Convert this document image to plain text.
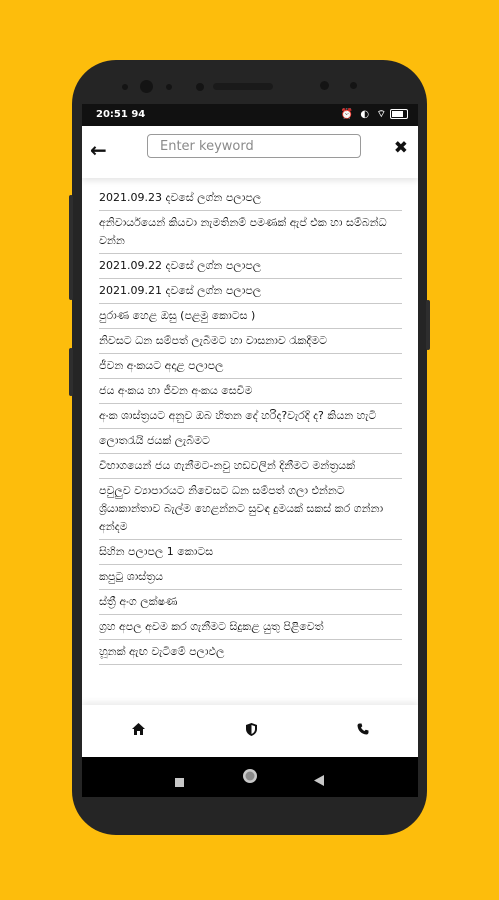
20:51 94	⏰ ◐ ⌔
←
Enter keyword	✖
2021.09.23 දවසේ ලග්න පලාපල
අනිවාර්යයෙන් කියවා නැමතිනම් පමණක් ඇප් එක හා සම්බන්ධ වන්න
2021.09.22 දවසේ ලග්න පලාපල
2021.09.21 දවසේ ලග්න පලාපල
පුරාණ හෙළ ඔසු (පළමු කොටස )
නිවසට ධන සම්පත් ලැබීමට හා වාසනාව රැකදීමට
ජීවන අංකයට අදාළ පලාපල
ජය අංකය හා ජීවන අංකය සෙවීම
අංක ශාස්ත්‍රයට අනුව ඔබ හිතන දේ හරිද?වැරදි ද? කියන හැටි
ලොතරැයි ජයක් ලැබීමට
විභාගයෙන් ජය ගැනීමට-නවු හඩවලින් දිනීමට මන්ත්‍රයක්
පවුලුව ව්‍යාපාරයට නිවෙසට ධන සම්පත් ගලා එන්නට ශ්‍රියාකාන්තාව බැල්ම හෙළන්නට සුවඳ දුමයක් සකස් කර ගන්නා අන්දම
සිහින පලාපල 1 කොටස
කපුටු ශාස්ත්‍රය
ස්ත්‍රී අංග ලක්ෂණ
ග්‍රහ අපල අවම කර ගැනීමට සිදුකළ යුතු පිළිවෙත්
හූනක් ඇඟ වැටීමේ පලාඵල
